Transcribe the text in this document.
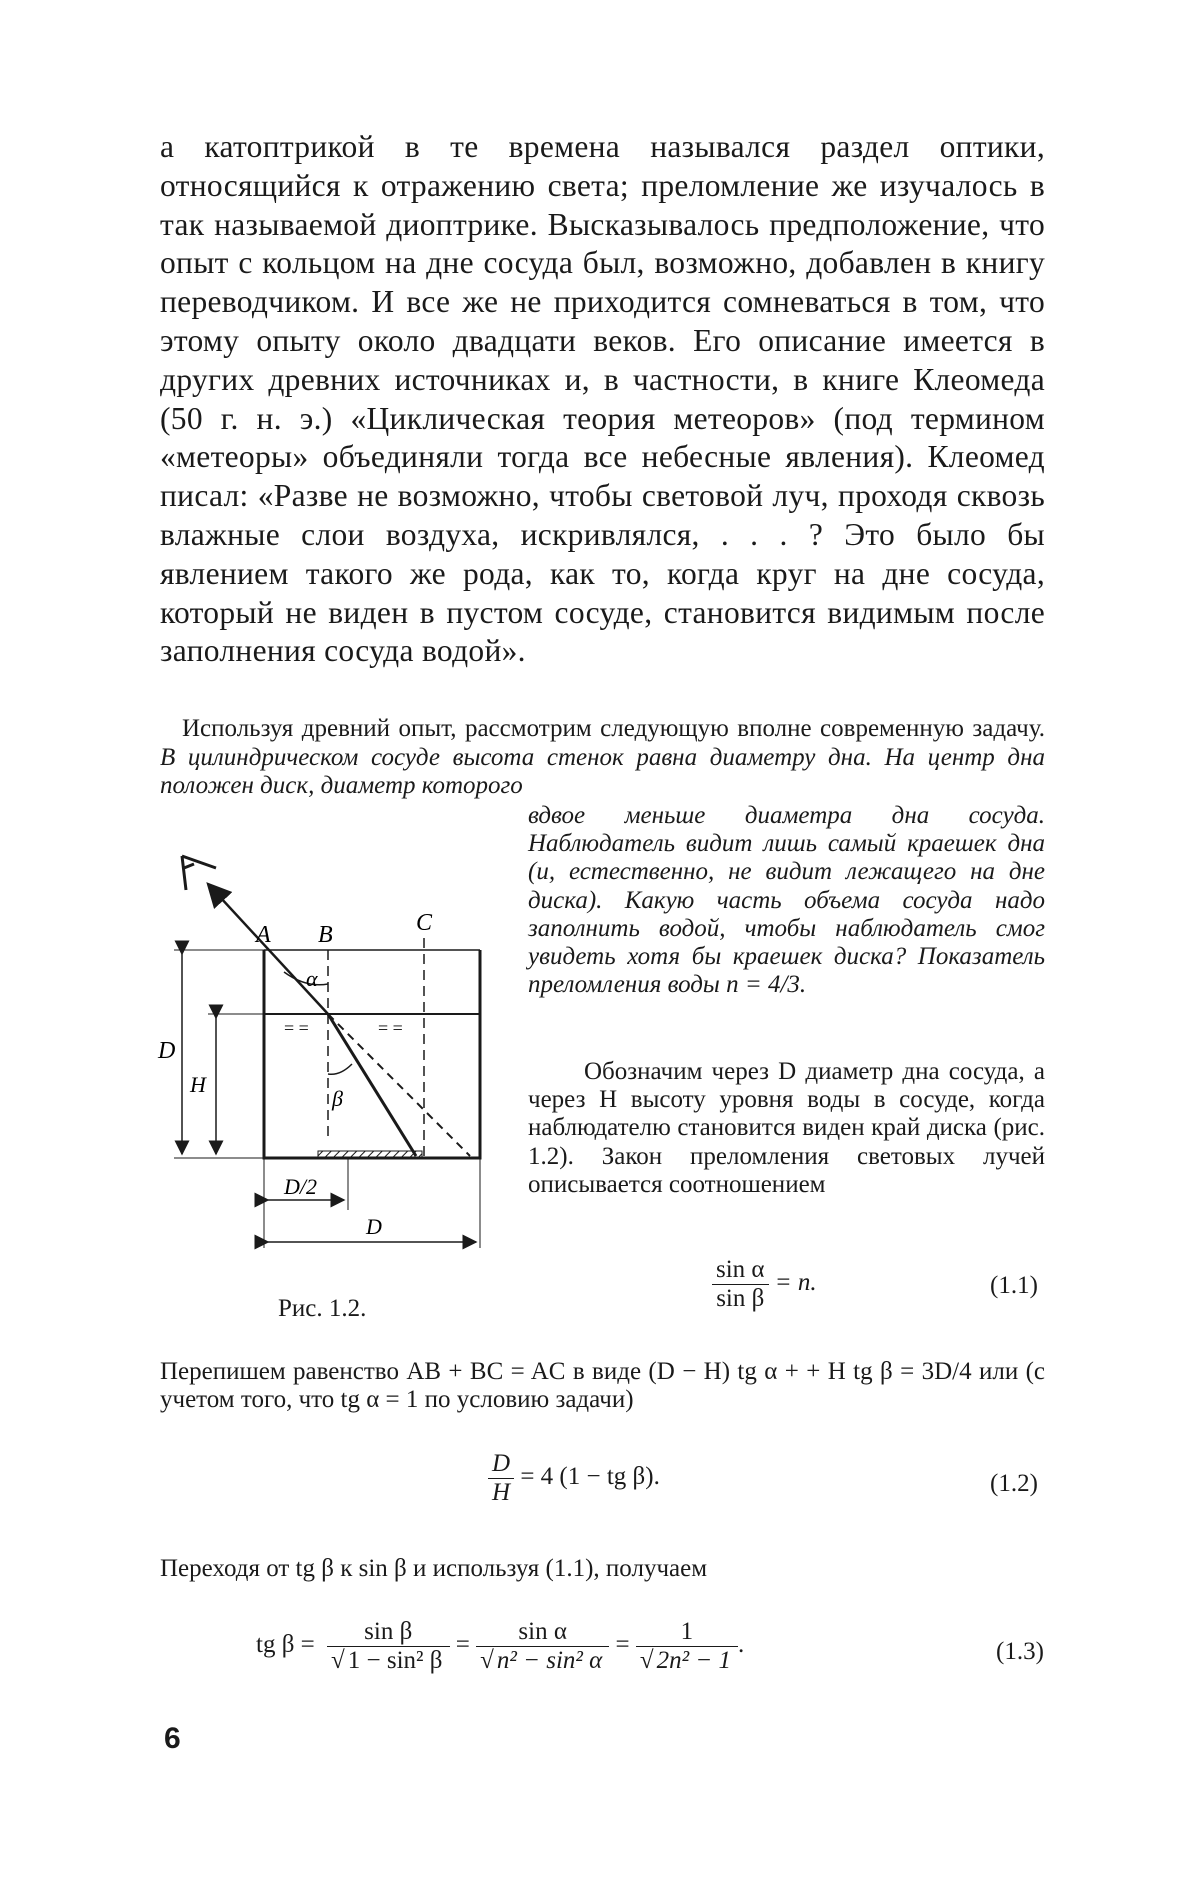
а катоптрикой в те времена назывался раздел оптики, относящийся к отражению света; преломление же изучалось в так называемой диоптрике. Высказывалось предположение, что опыт с кольцом на дне сосуда был, возможно, добавлен в книгу переводчиком. И все же не приходится сомневаться в том, что этому опыту около двадцати веков. Его описание имеется в других древних источниках и, в частности, в книге Клеомеда (50 г. н. э.) «Циклическая теория метеоров» (под термином «метеоры» объединяли тогда все небесные явления). Клеомед писал: «Разве не возможно, чтобы световой луч, проходя сквозь влажные слои воздуха, искривлялся, . . . ? Это было бы явлением такого же рода, как то, когда круг на дне сосуда, который не виден в пустом сосуде, становится видимым после заполнения сосуда водой».

Используя древний опыт, рассмотрим следующую вполне современную задачу. В цилиндрическом сосуде высота стенок равна диаметру дна. На центр дна положен диск, диаметр которого

вдвое меньше диаметра дна сосуда. Наблюдатель видит лишь самый краешек дна (и, естественно, не видит лежащего на дне диска). Какую часть объема сосуда надо заполнить водой, чтобы наблюдатель смог увидеть хотя бы краешек диска? Показатель преломления воды n = 4/3.

Обозначим через D диаметр дна сосуда, а через H высоту уровня воды в сосуде, когда наблюдателю становится виден край диска (рис. 1.2). Закон преломления световых лучей описывается соотношением

= =	= =
A B	C
α
β
D
H
D/2
D

Рис. 1.2.	$\frac{\text{sin α}}{\text{sin β}} = n$.	(1.1)

Перепишем равенство AB + BC = AC в виде (D − H) tg α + + H tg β = 3D/4 или (с учетом того, что tg α = 1 по условию задачи)

$\frac{D}{H} = 4$ (1 − tg β).	(1.2)

Переходя от tg β к sin β и используя (1.1), получаем

tg $\beta = \frac{\text{sin β}}{\text{√ 1 − sin² β}} = \frac{\text{sin α}}{\text{√ n² − sin² α}} = \frac{1}{\text{√ 2n² − 1}}$ .	(1.3)

6
